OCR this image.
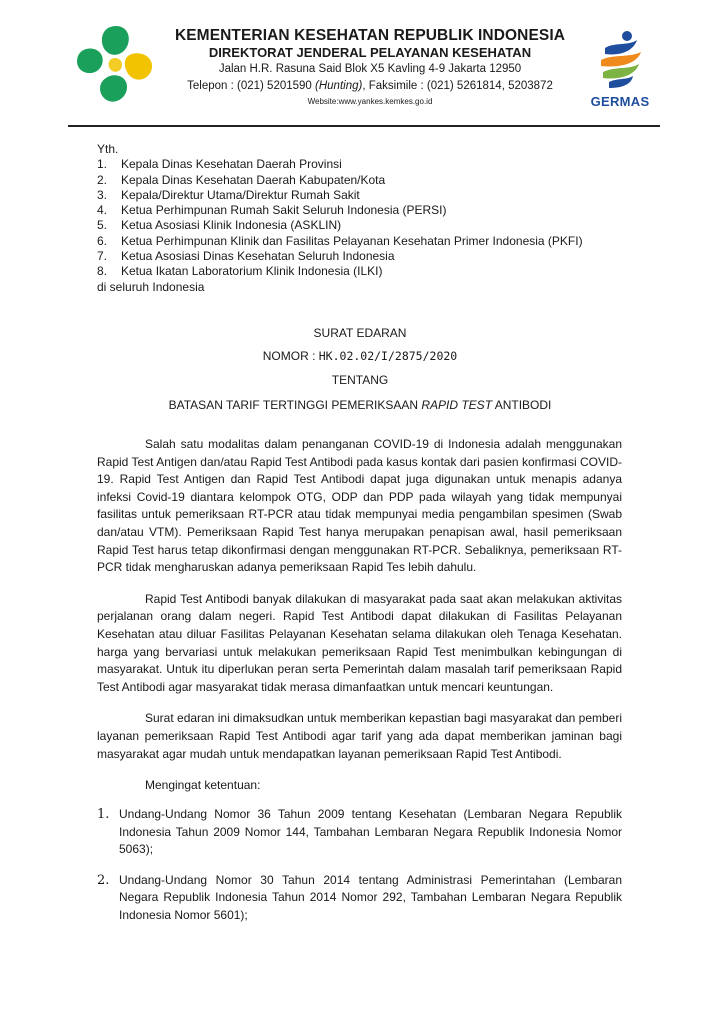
KEMENTERIAN KESEHATAN REPUBLIK INDONESIA
DIREKTORAT JENDERAL PELAYANAN KESEHATAN
Jalan H.R. Rasuna Said Blok X5 Kavling 4-9 Jakarta 12950
Telepon : (021) 5201590 (Hunting), Faksimile : (021) 5261814, 5203872
Website:www.yankes.kemkes.go.id	GERMAS
Yth.
1.	Kepala Dinas Kesehatan Daerah Provinsi
2.	Kepala Dinas Kesehatan Daerah Kabupaten/Kota
3.	Kepala/Direktur Utama/Direktur Rumah Sakit
4.	Ketua Perhimpunan Rumah Sakit Seluruh Indonesia (PERSI)
5.	Ketua Asosiasi Klinik Indonesia (ASKLIN)
6.	Ketua Perhimpunan Klinik dan Fasilitas Pelayanan Kesehatan Primer Indonesia (PKFI)
7.	Ketua Asosiasi Dinas Kesehatan Seluruh Indonesia
8.	Ketua Ikatan Laboratorium Klinik Indonesia (ILKI)
di seluruh Indonesia
SURAT EDARAN
NOMOR : HK.02.02/I/2875/2020
TENTANG
BATASAN TARIF TERTINGGI PEMERIKSAAN RAPID TEST ANTIBODI

Salah satu modalitas dalam penanganan COVID-19 di Indonesia adalah menggunakan Rapid Test Antigen dan/atau Rapid Test Antibodi pada kasus kontak dari pasien konfirmasi COVID-19. Rapid Test Antigen dan Rapid Test Antibodi dapat juga digunakan untuk menapis adanya infeksi Covid-19 diantara kelompok OTG, ODP dan PDP pada wilayah yang tidak mempunyai fasilitas untuk pemeriksaan RT-PCR atau tidak mempunyai media pengambilan spesimen (Swab dan/atau VTM). Pemeriksaan Rapid Test hanya merupakan penapisan awal, hasil pemeriksaan Rapid Test harus tetap dikonfirmasi dengan menggunakan RT-PCR. Sebaliknya, pemeriksaan RT-PCR tidak mengharuskan adanya pemeriksaan Rapid Tes lebih dahulu.

Rapid Test Antibodi banyak dilakukan di masyarakat pada saat akan melakukan aktivitas perjalanan orang dalam negeri. Rapid Test Antibodi dapat dilakukan di Fasilitas Pelayanan Kesehatan atau diluar Fasilitas Pelayanan Kesehatan selama dilakukan oleh Tenaga Kesehatan. harga yang bervariasi untuk melakukan pemeriksaan Rapid Test menimbulkan kebingungan di masyarakat. Untuk itu diperlukan peran serta Pemerintah dalam masalah tarif pemeriksaan Rapid Test Antibodi agar masyarakat tidak merasa dimanfaatkan untuk mencari keuntungan.

Surat edaran ini dimaksudkan untuk memberikan kepastian bagi masyarakat dan pemberi layanan pemeriksaan Rapid Test Antibodi agar tarif yang ada dapat memberikan jaminan bagi masyarakat agar mudah untuk mendapatkan layanan pemeriksaan Rapid Test Antibodi.

Mengingat ketentuan:

1. Undang-Undang Nomor 36 Tahun 2009 tentang Kesehatan (Lembaran Negara Republik Indonesia Tahun 2009 Nomor 144, Tambahan Lembaran Negara Republik Indonesia Nomor 5063);
2. Undang-Undang Nomor 30 Tahun 2014 tentang Administrasi Pemerintahan (Lembaran Negara Republik Indonesia Tahun 2014 Nomor 292, Tambahan Lembaran Negara Republik Indonesia Nomor 5601);
